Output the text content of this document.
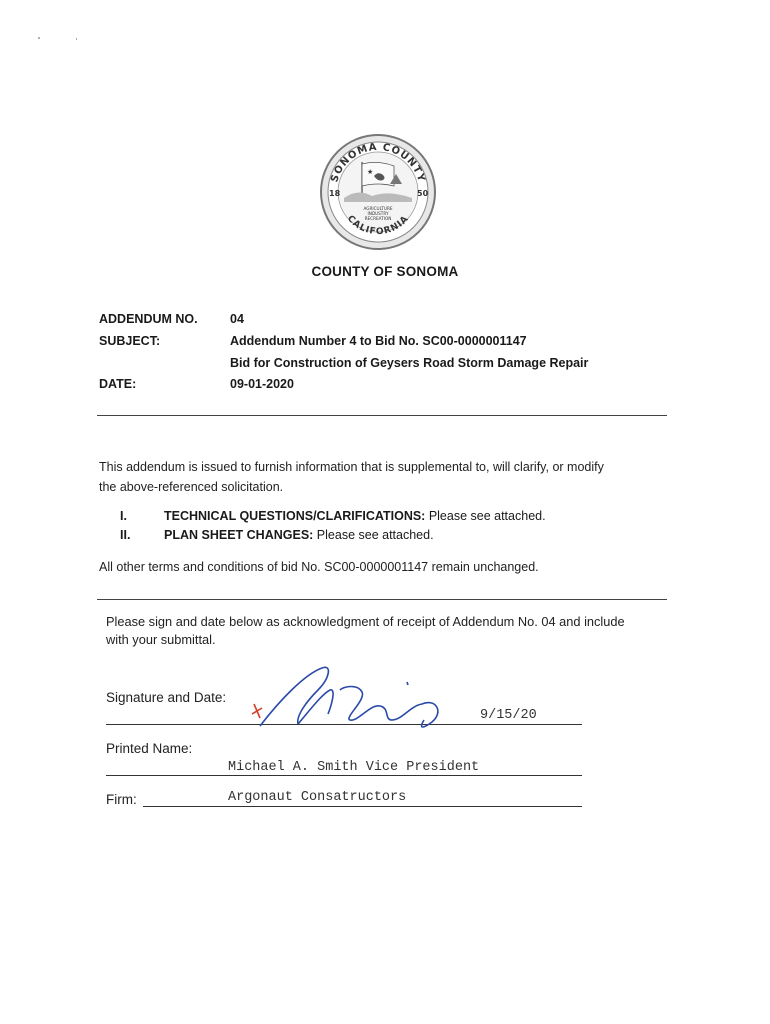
SONOMA COUNTY
CALIFORNIA
18	50
★
AGRICULTURE
INDUSTRY
RECREATION
COUNTY OF SONOMA
ADDENDUM NO.	04
SUBJECT:	Addendum Number 4 to Bid No. SC00-0000001147
Bid for Construction of Geysers Road Storm Damage Repair
DATE:	09-01-2020
This addendum is issued to furnish information that is supplemental to, will clarify, or modify
the above-referenced solicitation.
I.	TECHNICAL QUESTIONS/CLARIFICATIONS: Please see attached.
II.	PLAN SHEET CHANGES: Please see attached.
All other terms and conditions of bid No. SC00-0000001147 remain unchanged.
Please sign and date below as acknowledgment of receipt of Addendum No. 04 and include
with your submittal.
Signature and Date:
9/15/20
Printed Name:
Michael A. Smith Vice President
Firm:	Argonaut Consatructors
